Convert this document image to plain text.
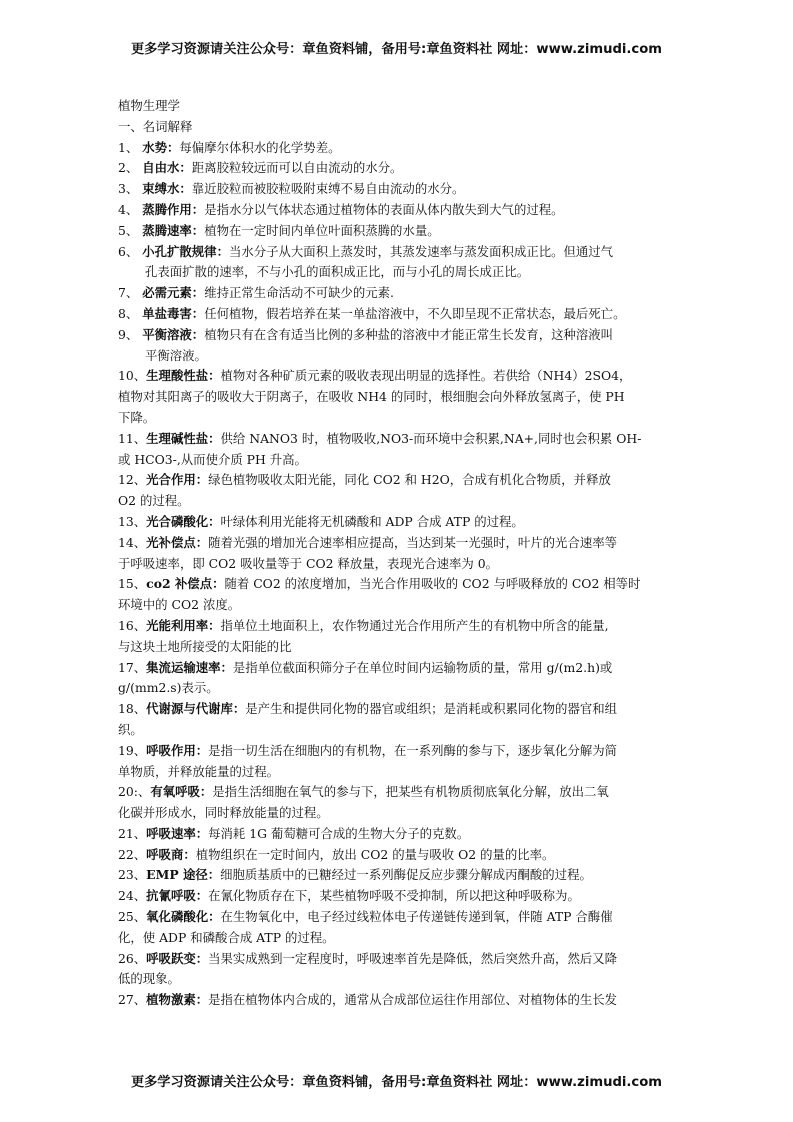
更多学习资源请关注公众号：章鱼资料铺，备用号:章鱼资料社 网址：www.zimudi.com
植物生理学
一、名词解释
1、 水势：每偏摩尔体积水的化学势差。
2、 自由水：距离胶粒较远而可以自由流动的水分。
3、 束缚水：靠近胶粒而被胶粒吸附束缚不易自由流动的水分。
4、 蒸腾作用：是指水分以气体状态通过植物体的表面从体内散失到大气的过程。
5、 蒸腾速率：植物在一定时间内单位叶面积蒸腾的水量。
6、 小孔扩散规律：当水分子从大面积上蒸发时，其蒸发速率与蒸发面积成正比。但通过气
孔表面扩散的速率，不与小孔的面积成正比，而与小孔的周长成正比。
7、 必需元素：维持正常生命活动不可缺少的元素.
8、 单盐毒害：任何植物，假若培养在某一单盐溶液中，不久即呈现不正常状态，最后死亡。
9、 平衡溶液：植物只有在含有适当比例的多种盐的溶液中才能正常生长发育，这种溶液叫
平衡溶液。
10、生理酸性盐：植物对各种矿质元素的吸收表现出明显的选择性。若供给（NH4）2SO4，
植物对其阳离子的吸收大于阴离子，在吸收 NH4 的同时，根细胞会向外释放氢离子，使 PH
下降。
11、生理碱性盐：供给 NANO3 时，植物吸收,NO3-而环境中会积累,NA+,同时也会积累 OH-
或 HCO3-,从而使介质 PH 升高。
12、光合作用：绿色植物吸收太阳光能，同化 CO2 和 H2O，合成有机化合物质，并释放
O2 的过程。
13、光合磷酸化：叶绿体利用光能将无机磷酸和 ADP 合成 ATP 的过程。
14、光补偿点：随着光强的增加光合速率相应提高，当达到某一光强时，叶片的光合速率等
于呼吸速率，即 CO2 吸收量等于 CO2 释放量，表现光合速率为 0。
15、co2 补偿点：随着 CO2 的浓度增加，当光合作用吸收的 CO2 与呼吸释放的 CO2 相等时
环境中的 CO2 浓度。
16、光能利用率：指单位土地面积上，农作物通过光合作用所产生的有机物中所含的能量,
与这块土地所接受的太阳能的比
17、集流运输速率：是指单位截面积筛分子在单位时间内运输物质的量，常用 g/(m2.h)或
g/(mm2.s)表示。
18、代谢源与代谢库：是产生和提供同化物的器官或组织；是消耗或积累同化物的器官和组
织。
19、呼吸作用：是指一切生活在细胞内的有机物，在一系列酶的参与下，逐步氧化分解为简
单物质，并释放能量的过程。
20:、有氧呼吸：是指生活细胞在氧气的参与下，把某些有机物质彻底氧化分解，放出二氧
化碳并形成水，同时释放能量的过程。
21、呼吸速率：每消耗 1G 葡萄糖可合成的生物大分子的克数。
22、呼吸商：植物组织在一定时间内，放出 CO2 的量与吸收 O2 的量的比率。
23、EMP 途径：细胞质基质中的已糖经过一系列酶促反应步骤分解成丙酮酸的过程。
24、抗氰呼吸：在氰化物质存在下，某些植物呼吸不受抑制，所以把这种呼吸称为。
25、氧化磷酸化：在生物氧化中，电子经过线粒体电子传递链传递到氧，伴随 ATP 合酶催
化，使 ADP 和磷酸合成 ATP 的过程。
26、呼吸跃变：当果实成熟到一定程度时，呼吸速率首先是降低，然后突然升高，然后又降
低的现象。
27、植物激素：是指在植物体内合成的，通常从合成部位运往作用部位、对植物体的生长发
更多学习资源请关注公众号：章鱼资料铺，备用号:章鱼资料社 网址：www.zimudi.com
